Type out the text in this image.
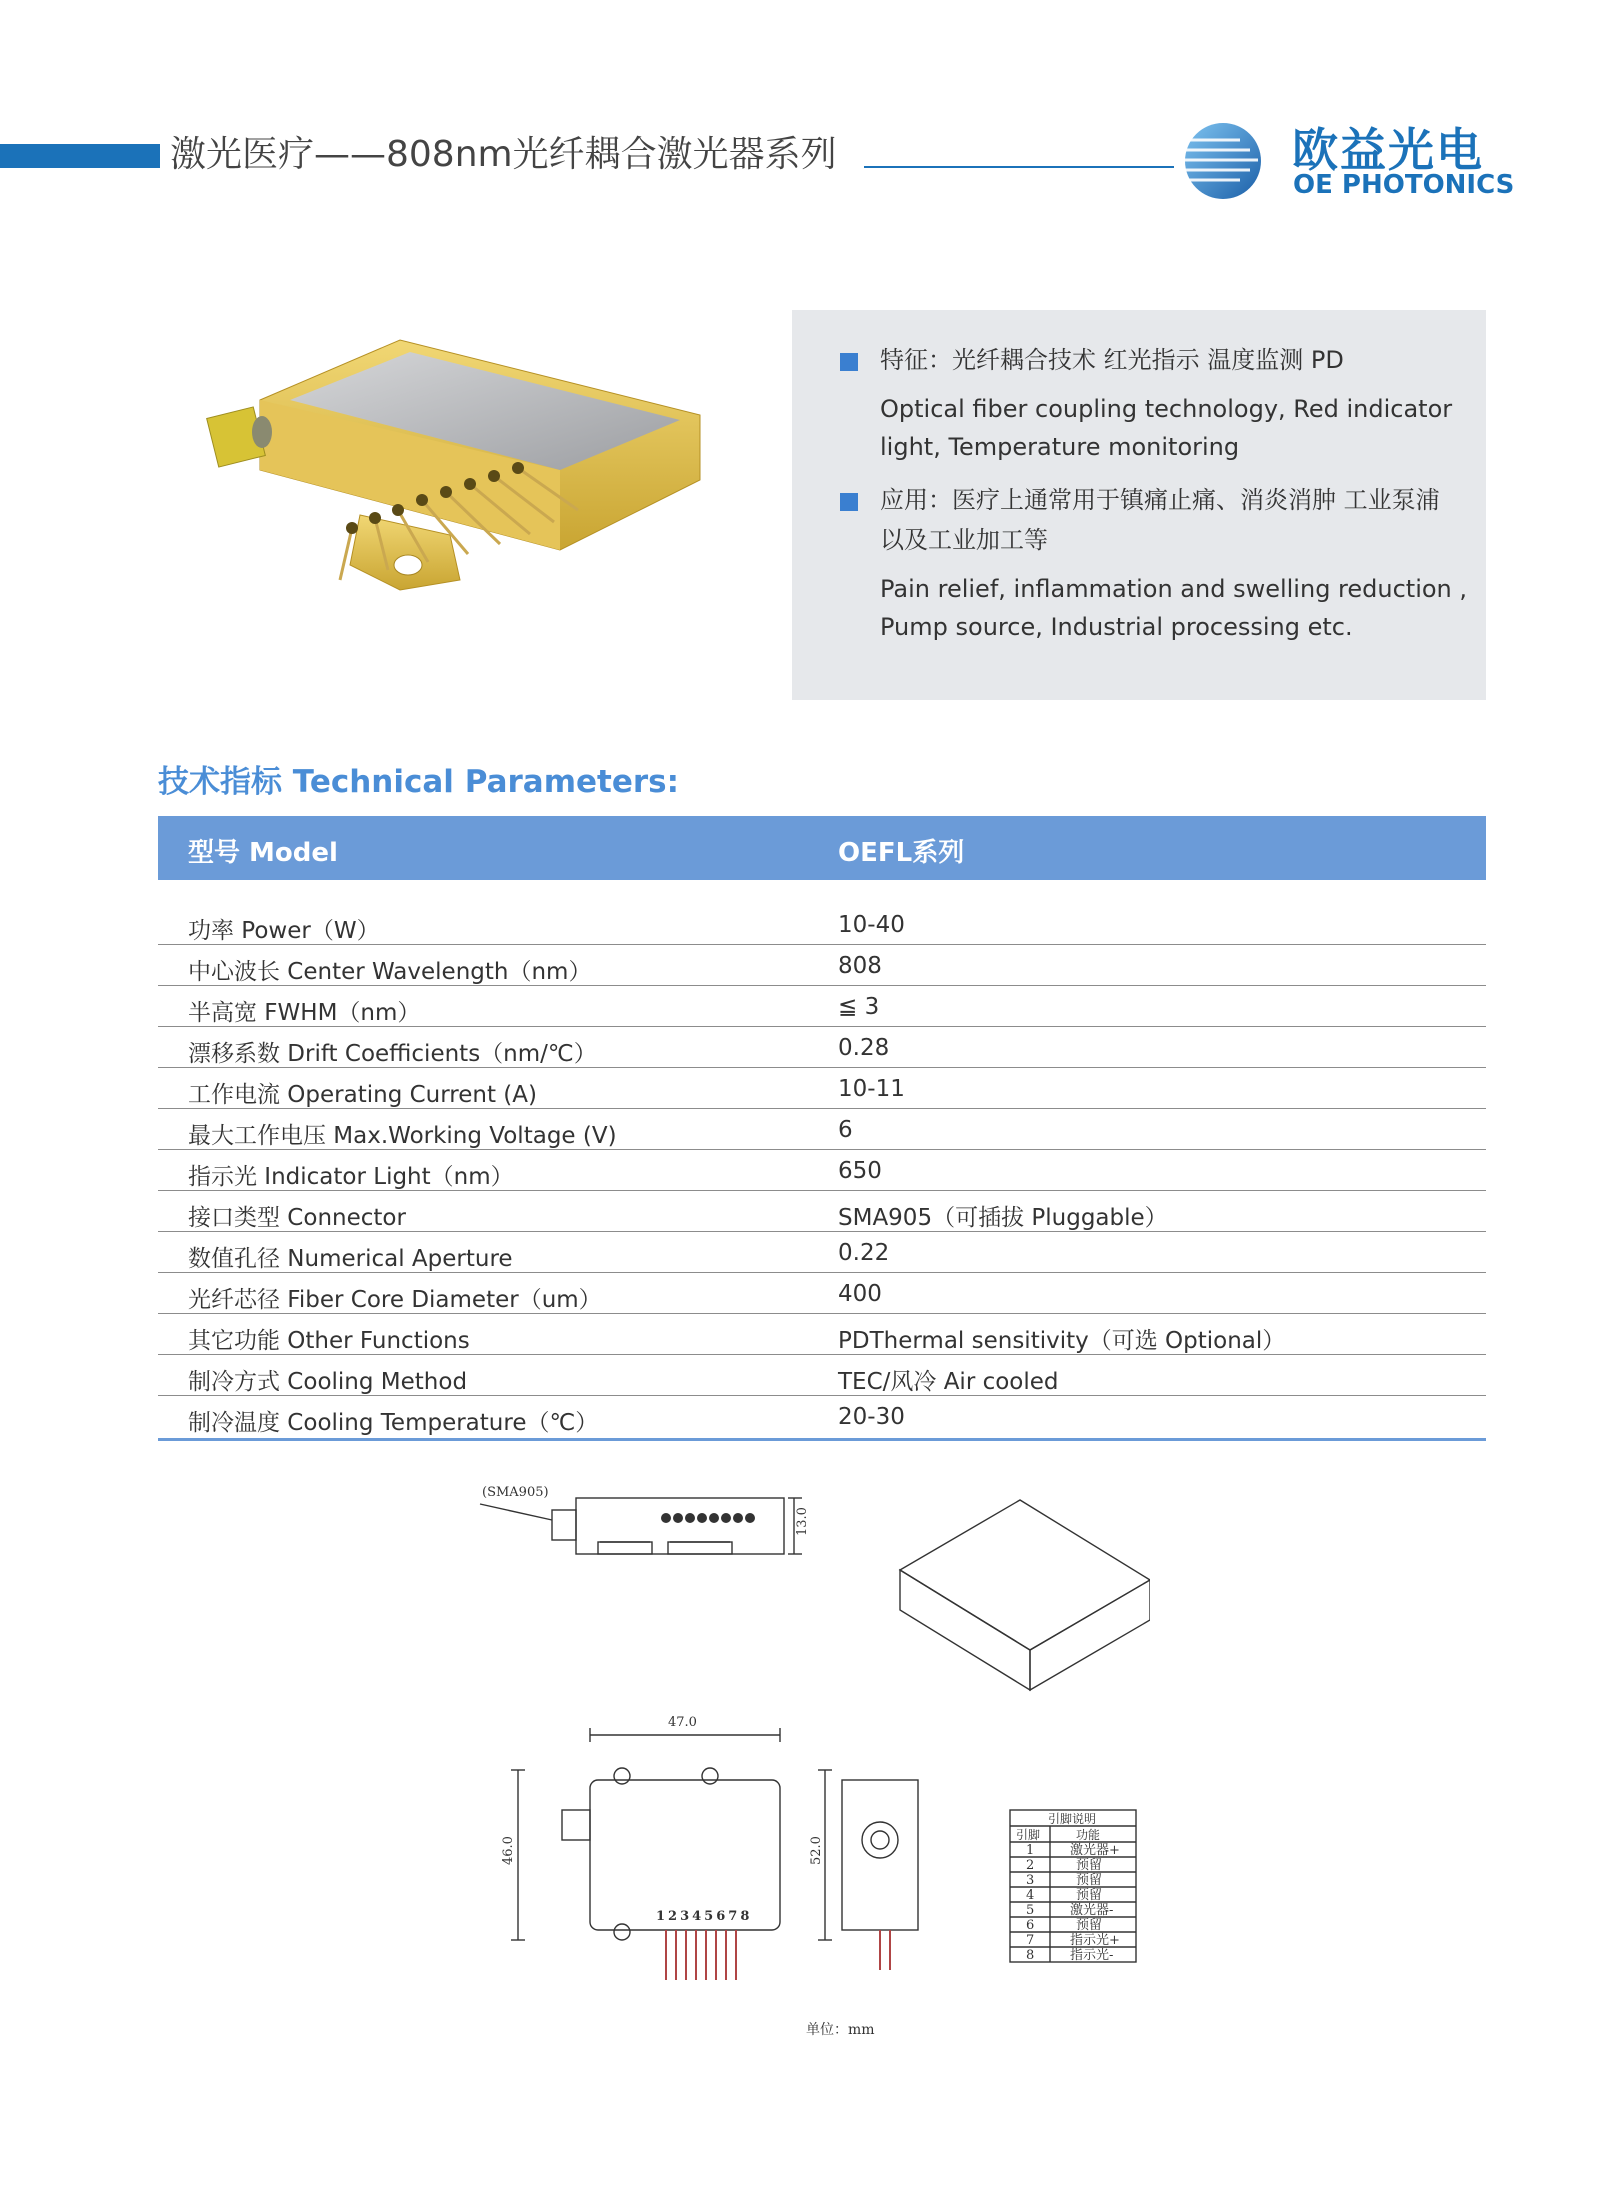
激光医疗——808nm光纤耦合激光器系列	欧益光电
OE PHOTONICS
特征：光纤耦合技术 红光指示 温度监测 PD
Optical fiber coupling technology, Red indicator
light, Temperature monitoring
应用：医疗上通常用于镇痛止痛、消炎消肿 工业泵浦
以及工业加工等
Pain relief, inflammation and swelling reduction ,
Pump source, Industrial processing etc.
技术指标 Technical Parameters:
型号 Model	OEFL系列
功率 Power（W）	10-40
中心波长 Center Wavelength（nm）	808
半高宽 FWHM（nm）	≦ 3
漂移系数 Drift Coefficients（nm/℃）	0.28
工作电流 Operating Current (A)	10-11
最大工作电压 Max.Working Voltage (V)	6
指示光 Indicator Light（nm）	650
接口类型 Connector	SMA905（可插拔 Pluggable）
数值孔径 Numerical Aperture	0.22
光纤芯径 Fiber Core Diameter（um）	400
其它功能 Other Functions	PDThermal sensitivity（可选 Optional）
制冷方式 Cooling Method	TEC/风冷 Air cooled
制冷温度 Cooling Temperature（℃）	20-30
(SMA905)
13.0
47.0
46.0	52.0
12345678
引脚说明
引脚	功能
1	激光器+
2	预留
3	预留
4	预留
5	激光器-
6	预留
7	指示光+
8	指示光-
单位：mm
